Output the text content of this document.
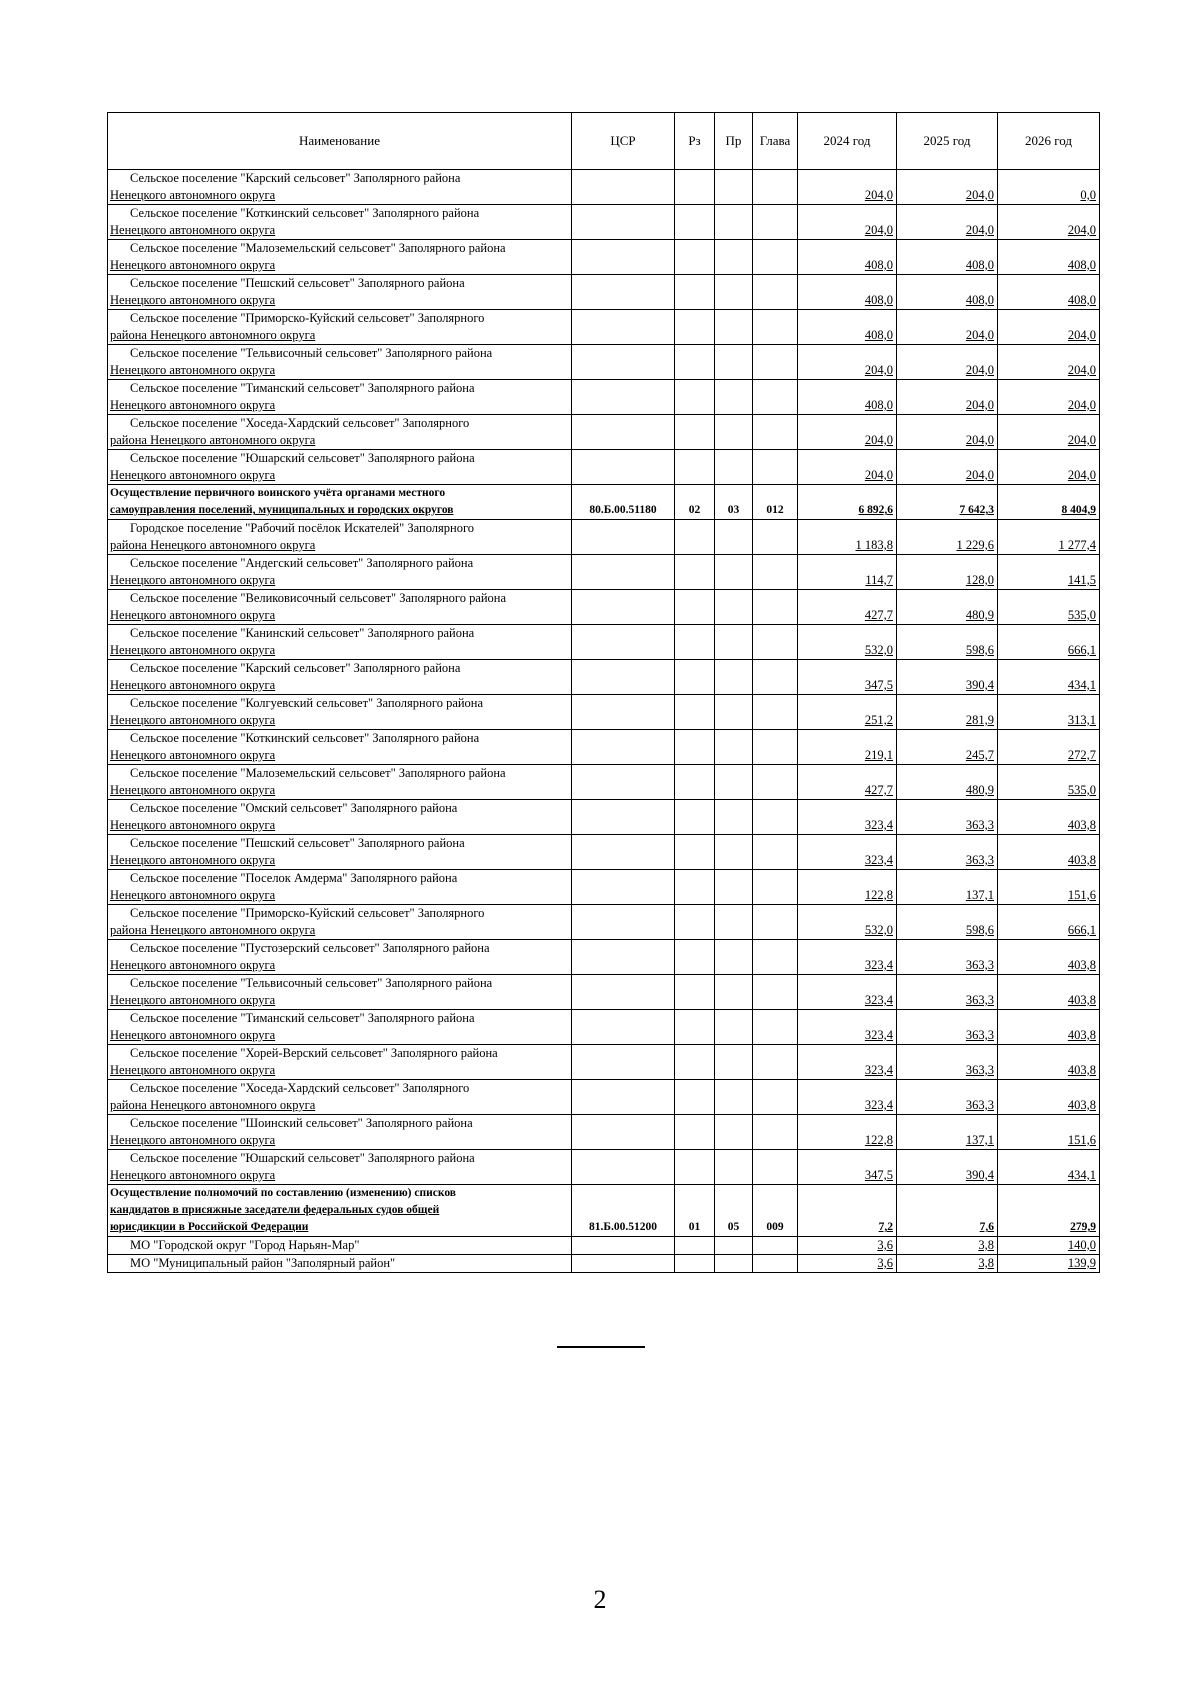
Наименование	ЦСР	Рз	Пр	Глава	2024 год	2025 год	2026 год

Сельское поселение "Карский сельсовет" Заполярного района
Ненецкого автономного округа					204,0	204,0	0,0

Сельское поселение "Коткинский сельсовет" Заполярного района
Ненецкого автономного округа					204,0	204,0	204,0

Сельское поселение "Малоземельский сельсовет" Заполярного района
Ненецкого автономного округа					408,0	408,0	408,0

Сельское поселение "Пешский сельсовет" Заполярного района
Ненецкого автономного округа					408,0	408,0	408,0

Сельское поселение "Приморско-Куйский сельсовет" Заполярного
района Ненецкого автономного округа					408,0	204,0	204,0

Сельское поселение "Тельвисочный сельсовет" Заполярного района
Ненецкого автономного округа					204,0	204,0	204,0

Сельское поселение "Тиманский сельсовет" Заполярного района
Ненецкого автономного округа					408,0	204,0	204,0

Сельское поселение "Хоседа-Хардский сельсовет" Заполярного
района Ненецкого автономного округа					204,0	204,0	204,0

Сельское поселение "Юшарский сельсовет" Заполярного района
Ненецкого автономного округа					204,0	204,0	204,0

Осуществление первичного воинского учёта органами местного
самоуправления поселений, муниципальных и городских округов	80.Б.00.51180	02	03	012	6 892,6	7 642,3	8 404,9

Городское поселение "Рабочий посёлок Искателей" Заполярного
района Ненецкого автономного округа					1 183,8	1 229,6	1 277,4

Сельское поселение "Андегский сельсовет" Заполярного района
Ненецкого автономного округа					114,7	128,0	141,5

Сельское поселение "Великовисочный сельсовет" Заполярного района
Ненецкого автономного округа					427,7	480,9	535,0

Сельское поселение "Канинский сельсовет" Заполярного района
Ненецкого автономного округа					532,0	598,6	666,1

Сельское поселение "Карский сельсовет" Заполярного района
Ненецкого автономного округа					347,5	390,4	434,1

Сельское поселение "Колгуевский сельсовет" Заполярного района
Ненецкого автономного округа					251,2	281,9	313,1

Сельское поселение "Коткинский сельсовет" Заполярного района
Ненецкого автономного округа					219,1	245,7	272,7

Сельское поселение "Малоземельский сельсовет" Заполярного района
Ненецкого автономного округа					427,7	480,9	535,0

Сельское поселение "Омский сельсовет" Заполярного района
Ненецкого автономного округа					323,4	363,3	403,8

Сельское поселение "Пешский сельсовет" Заполярного района
Ненецкого автономного округа					323,4	363,3	403,8

Сельское поселение "Поселок Амдерма" Заполярного района
Ненецкого автономного округа					122,8	137,1	151,6

Сельское поселение "Приморско-Куйский сельсовет" Заполярного
района Ненецкого автономного округа					532,0	598,6	666,1

Сельское поселение "Пустозерский сельсовет" Заполярного района
Ненецкого автономного округа					323,4	363,3	403,8

Сельское поселение "Тельвисочный сельсовет" Заполярного района
Ненецкого автономного округа					323,4	363,3	403,8

Сельское поселение "Тиманский сельсовет" Заполярного района
Ненецкого автономного округа					323,4	363,3	403,8

Сельское поселение "Хорей-Верский сельсовет" Заполярного района
Ненецкого автономного округа					323,4	363,3	403,8

Сельское поселение "Хоседа-Хардский сельсовет" Заполярного
района Ненецкого автономного округа					323,4	363,3	403,8

Сельское поселение "Шоинский сельсовет" Заполярного района
Ненецкого автономного округа					122,8	137,1	151,6

Сельское поселение "Юшарский сельсовет" Заполярного района
Ненецкого автономного округа					347,5	390,4	434,1

Осуществление полномочий по составлению (изменению) списков
кандидатов в присяжные заседатели федеральных судов общей
юрисдикции в Российской Федерации	81.Б.00.51200	01	05	009	7,2	7,6	279,9

МО "Городской округ "Город Нарьян-Мар"					3,6	3,8	140,0

МО "Муниципальный район "Заполярный район"					3,6	3,8	139,9
2
